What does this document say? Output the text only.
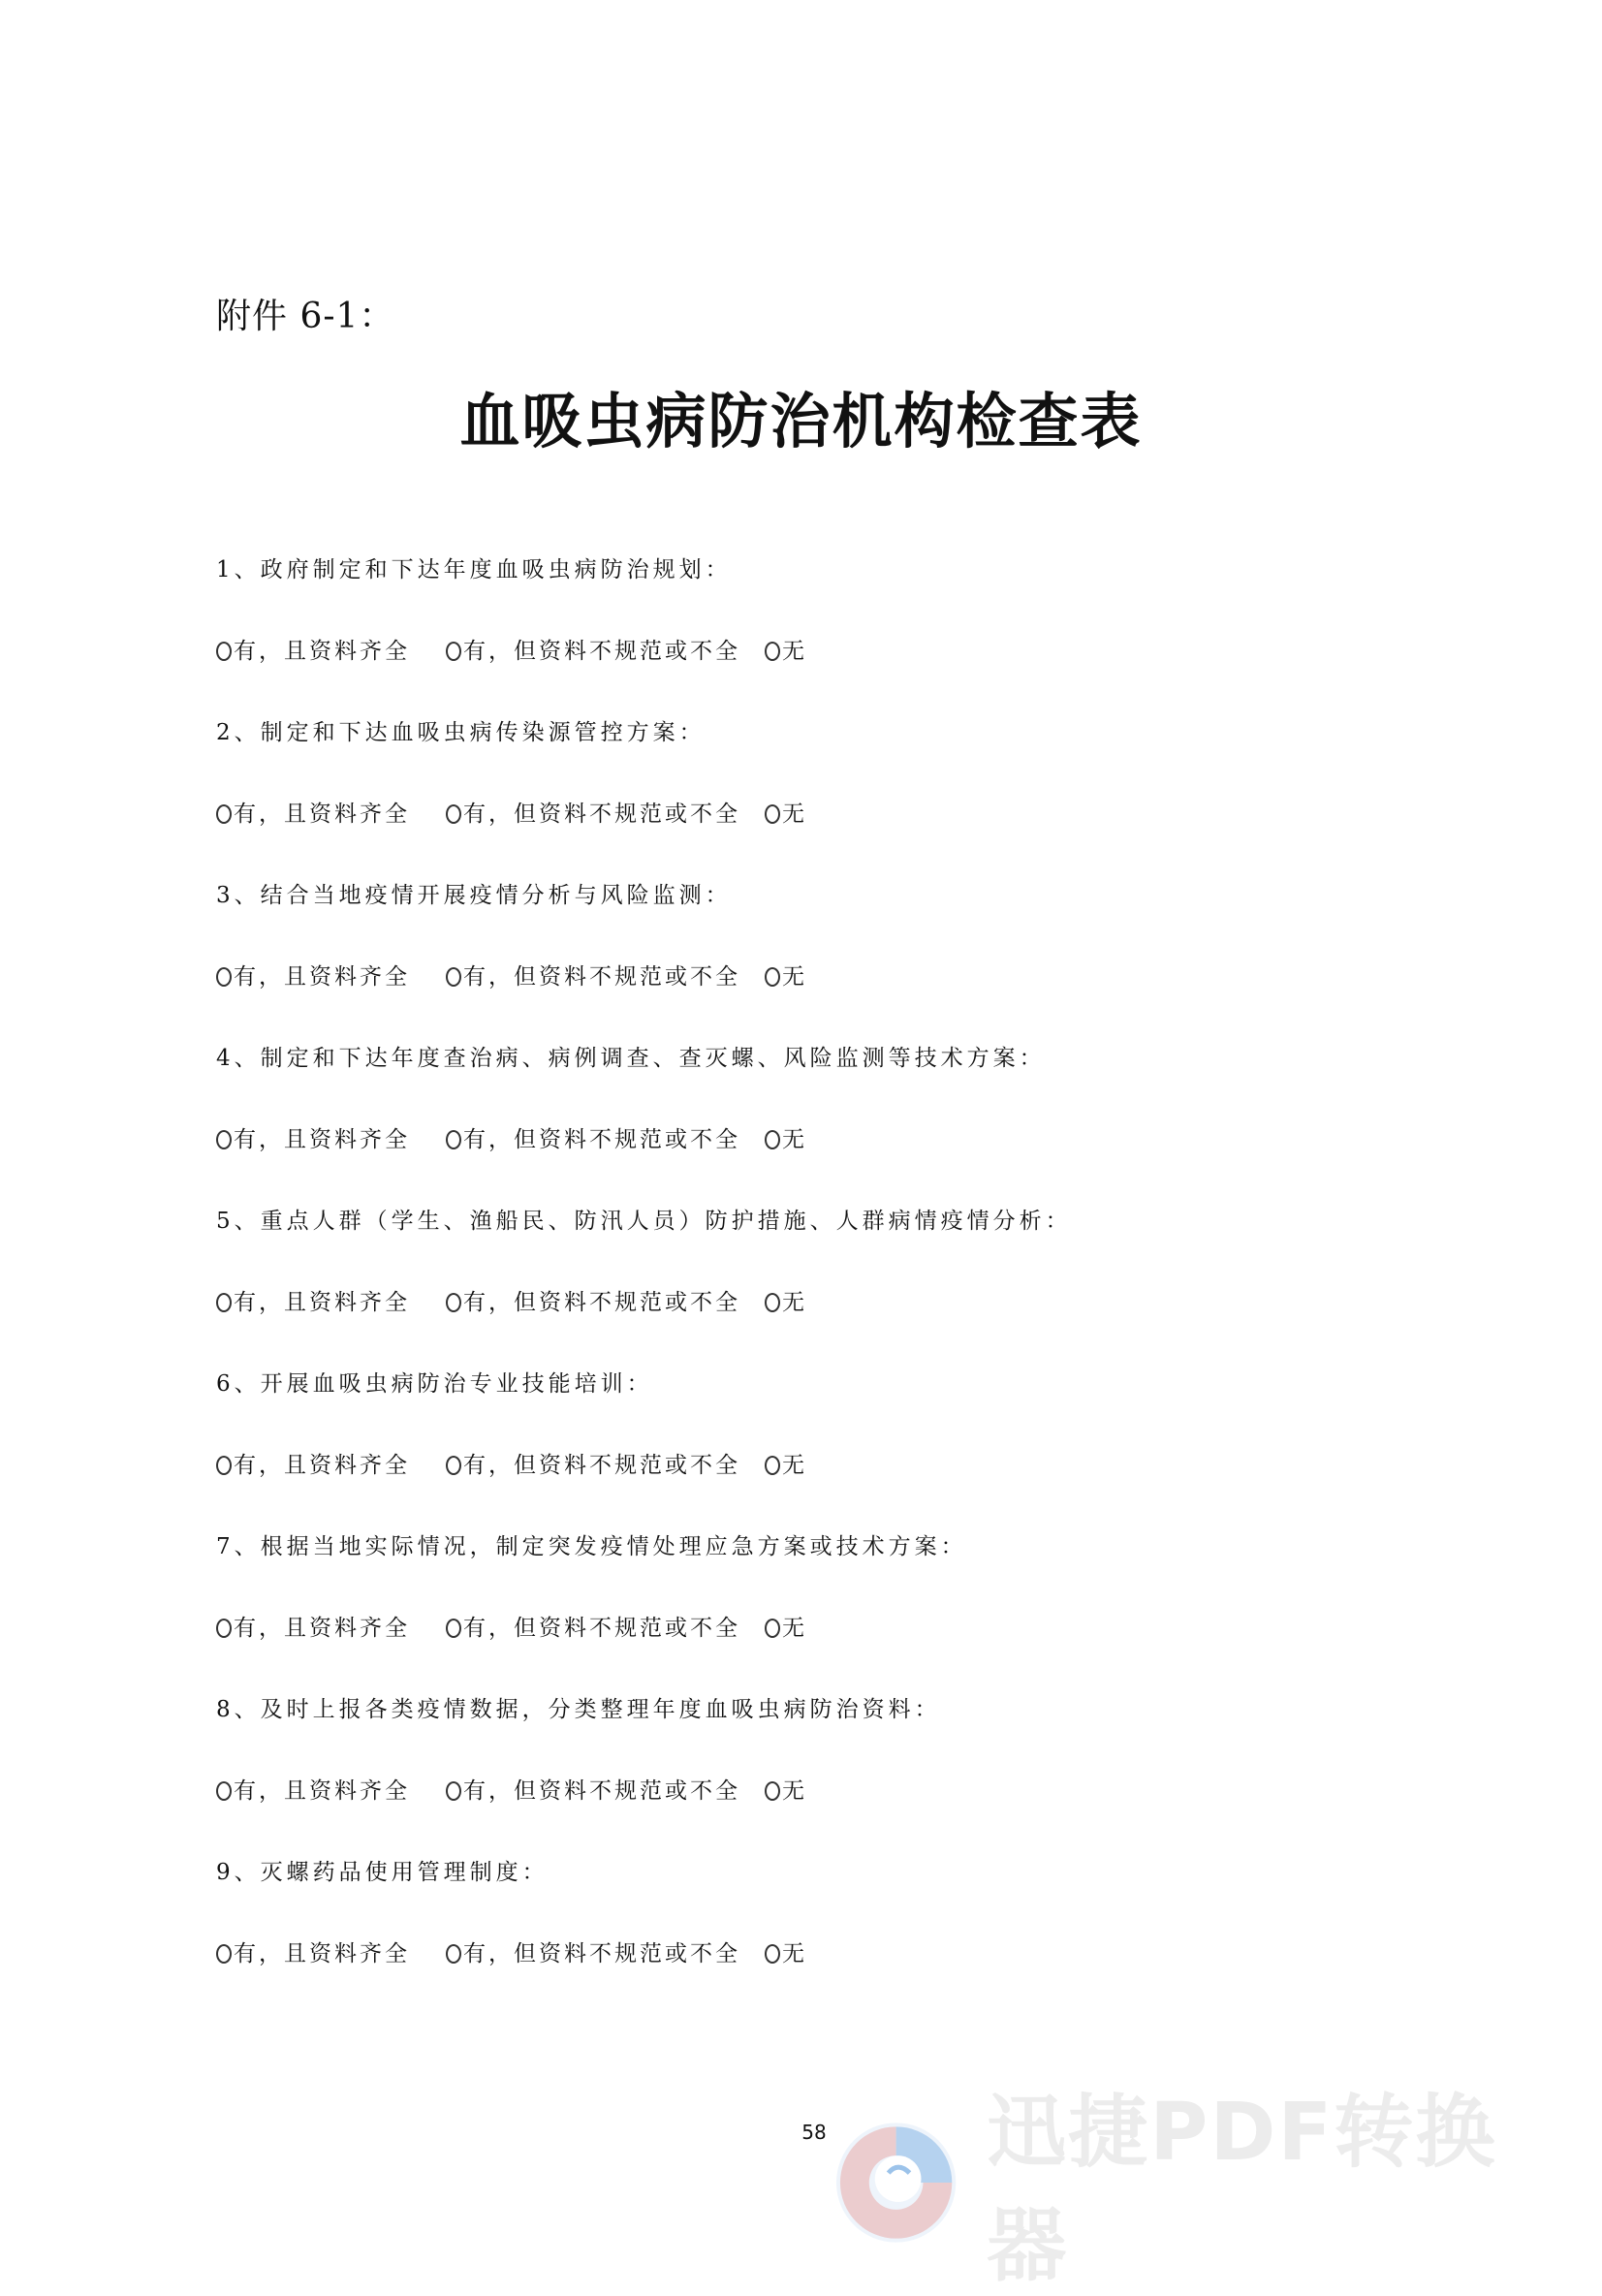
附件 6-1：
血吸虫病防治机构检查表
1、政府制定和下达年度血吸虫病防治规划：
有，且资料齐全 有，但资料不规范或不全 无
2、制定和下达血吸虫病传染源管控方案：
有，且资料齐全 有，但资料不规范或不全 无
3、结合当地疫情开展疫情分析与风险监测：
有，且资料齐全 有，但资料不规范或不全 无
4、制定和下达年度查治病、病例调查、查灭螺、风险监测等技术方案：
有，且资料齐全 有，但资料不规范或不全 无
5、重点人群（学生、渔船民、防汛人员）防护措施、人群病情疫情分析：
有，且资料齐全 有，但资料不规范或不全 无
6、开展血吸虫病防治专业技能培训：
有，且资料齐全 有，但资料不规范或不全 无
7、根据当地实际情况，制定突发疫情处理应急方案或技术方案：
有，且资料齐全 有，但资料不规范或不全 无
8、及时上报各类疫情数据，分类整理年度血吸虫病防治资料：
有，且资料齐全 有，但资料不规范或不全 无
9、灭螺药品使用管理制度：
有，且资料齐全 有，但资料不规范或不全 无
58 迅捷PDF转换器
